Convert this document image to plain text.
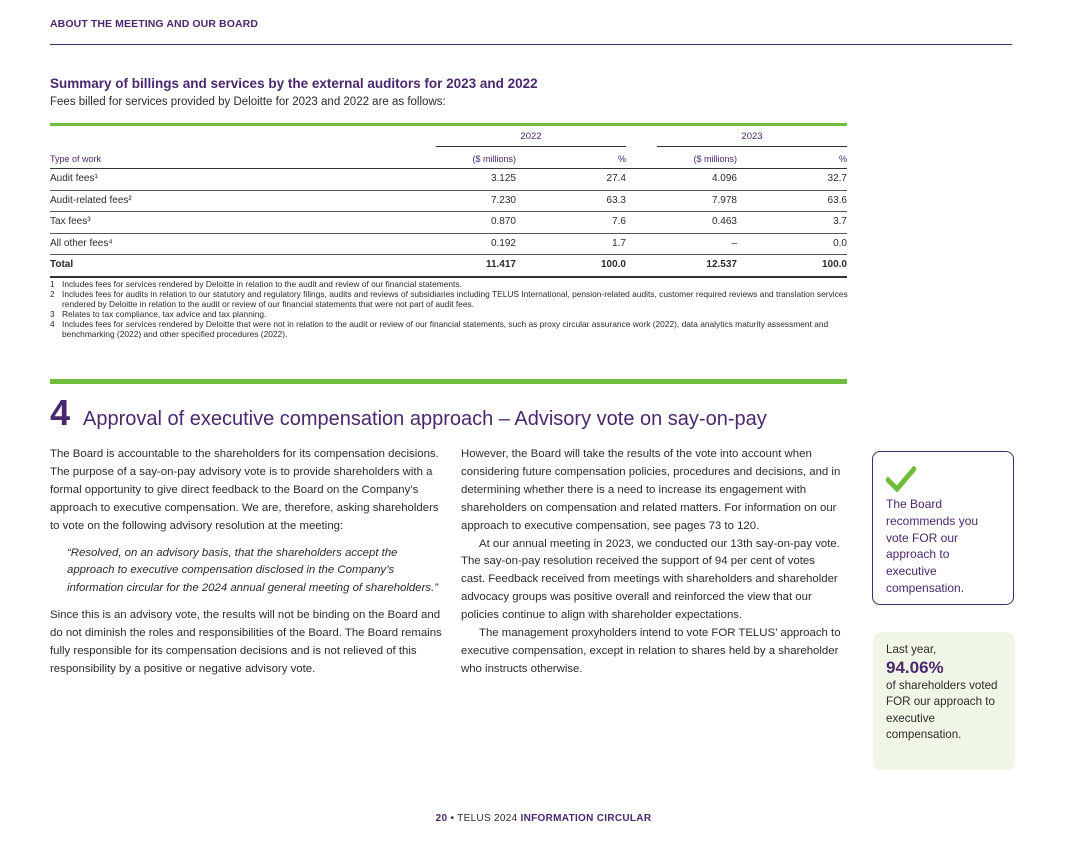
ABOUT THE MEETING AND OUR BOARD
Summary of billings and services by the external auditors for 2023 and 2022
Fees billed for services provided by Deloitte for 2023 and 2022 are as follows:
2022	2023
Type of work	($ millions)	%	($ millions)	%
Audit fees¹	3.125	27.4	4.096	32.7
Audit-related fees²	7.230	63.3	7.978	63.6
Tax fees³	0.870	7.6	0.463	3.7
All other fees⁴	0.192	1.7	–	0.0
Total	11.417	100.0	12.537	100.0
1 Includes fees for services rendered by Deloitte in relation to the audit and review of our financial statements.
2 Includes fees for audits in relation to our statutory and regulatory filings, audits and reviews of subsidiaries including TELUS International, pension-related audits, customer required reviews and translation services rendered by Deloitte in relation to the audit or review of our financial statements that were not part of audit fees.
3 Relates to tax compliance, tax advice and tax planning.
4 Includes fees for services rendered by Deloitte that were not in relation to the audit or review of our financial statements, such as proxy circular assurance work (2022), data analytics maturity assessment and benchmarking (2022) and other specified procedures (2022).
4 Approval of executive compensation approach – Advisory vote on say-on-pay

The Board is accountable to the shareholders for its compensation decisions. The purpose of a say-on-pay advisory vote is to provide shareholders with a formal opportunity to give direct feedback to the Board on the Company’s approach to executive compensation. We are, therefore, asking shareholders to vote on the following advisory resolution at the meeting:

“Resolved, on an advisory basis, that the shareholders accept the approach to executive compensation disclosed in the Company’s information circular for the 2024 annual general meeting of shareholders.”

Since this is an advisory vote, the results will not be binding on the Board and do not diminish the roles and responsibilities of the Board. The Board remains fully responsible for its compensation decisions and is not relieved of this responsibility by a positive or negative advisory vote.

However, the Board will take the results of the vote into account when considering future compensation policies, procedures and decisions, and in determining whether there is a need to increase its engagement with shareholders on compensation and related matters. For information on our approach to executive compensation, see pages 73 to 120.

At our annual meeting in 2023, we conducted our 13th say-on-pay vote. The say-on-pay resolution received the support of 94 per cent of votes cast. Feedback received from meetings with shareholders and shareholder advocacy groups was positive overall and reinforced the view that our policies continue to align with shareholder expectations.

The management proxyholders intend to vote FOR TELUS’ approach to executive compensation, except in relation to shares held by a shareholder who instructs otherwise.

The Board recommends you vote FOR our approach to executive compensation.
Last year,
94.06%
of shareholders voted FOR our approach to executive compensation.
20 • TELUS 2024 INFORMATION CIRCULAR
